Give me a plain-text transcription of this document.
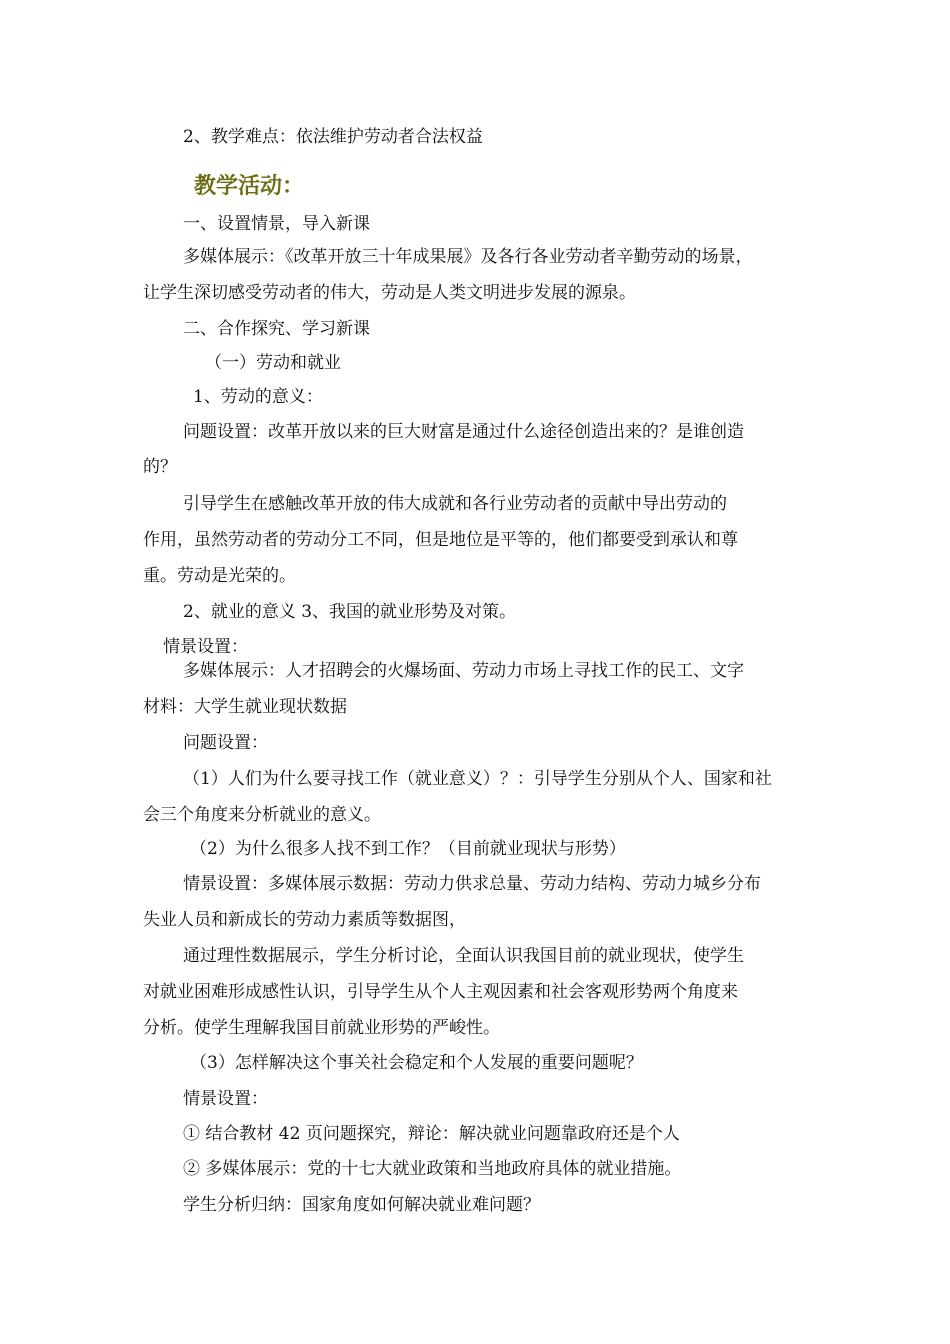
2、教学难点：依法维护劳动者合法权益
教学活动：
一、设置情景，导入新课
多媒体展示：《改革开放三十年成果展》及各行各业劳动者辛勤劳动的场景，
让学生深切感受劳动者的伟大，劳动是人类文明进步发展的源泉。
二、合作探究、学习新课
（一）劳动和就业
1、劳动的意义：
问题设置：改革开放以来的巨大财富是通过什么途径创造出来的？是谁创造
的？
引导学生在感触改革开放的伟大成就和各行业劳动者的贡献中导出劳动的
作用，虽然劳动者的劳动分工不同，但是地位是平等的，他们都要受到承认和尊
重。劳动是光荣的。
2、就业的意义 3、我国的就业形势及对策。
情景设置：
多媒体展示：人才招聘会的火爆场面、劳动力市场上寻找工作的民工、文字
材料：大学生就业现状数据
问题设置：
（1）人们为什么要寻找工作（就业意义）？：引导学生分别从个人、国家和社
会三个角度来分析就业的意义。
（2）为什么很多人找不到工作？（目前就业现状与形势）
情景设置：多媒体展示数据：劳动力供求总量、劳动力结构、劳动力城乡分布
失业人员和新成长的劳动力素质等数据图，
通过理性数据展示，学生分析讨论，全面认识我国目前的就业现状，使学生
对就业困难形成感性认识，引导学生从个人主观因素和社会客观形势两个角度来
分析。使学生理解我国目前就业形势的严峻性。
（3）怎样解决这个事关社会稳定和个人发展的重要问题呢？
情景设置：
① 结合教材 42 页问题探究，辩论：解决就业问题靠政府还是个人
② 多媒体展示：党的十七大就业政策和当地政府具体的就业措施。
学生分析归纳：国家角度如何解决就业难问题？
